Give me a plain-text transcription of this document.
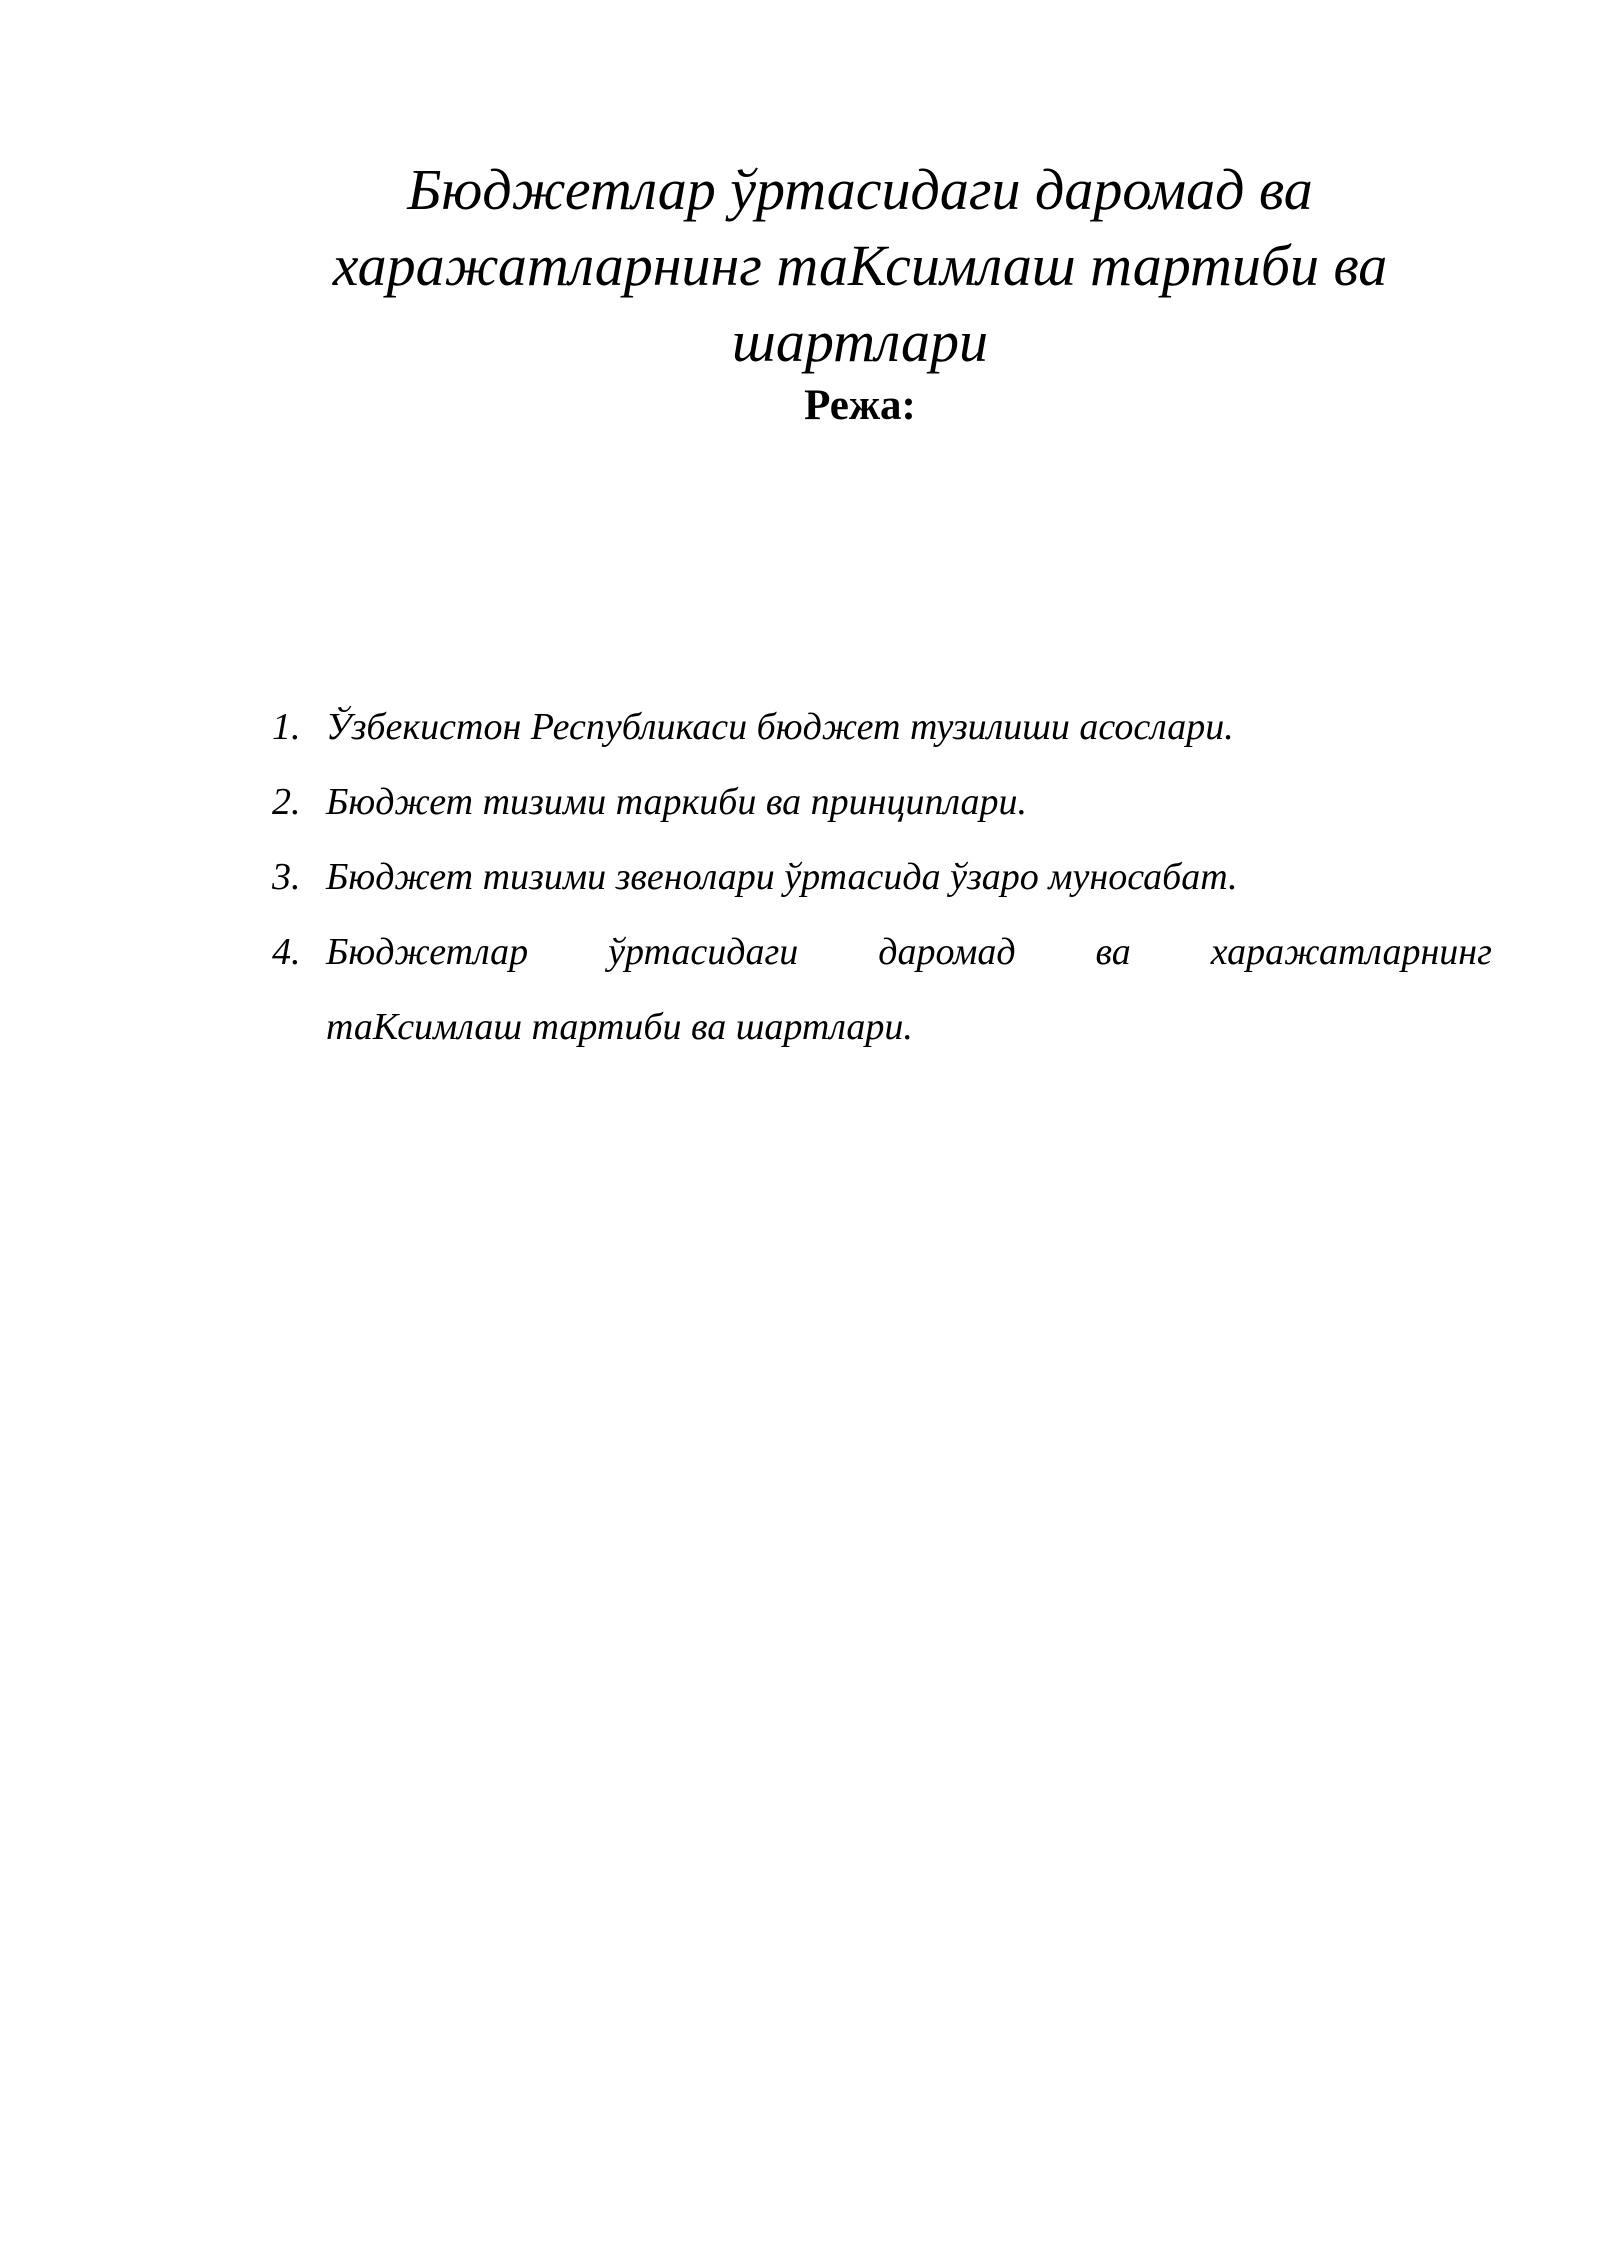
Бюджетлар ўртасидаги даромад ва
харажатларнинг таКсимлаш тартиби ва
шартлари
Режа:
1. Ўзбекистон Республикаси бюджет тузилиши асослари.
2. Бюджет тизими таркиби ва принциплари.
3. Бюджет тизими звенолари ўртасида ўзаро муносабат.
4. Бюджетлар ўртасидаги даромад ва харажатларнинг
таКсимлаш тартиби ва шартлари.
